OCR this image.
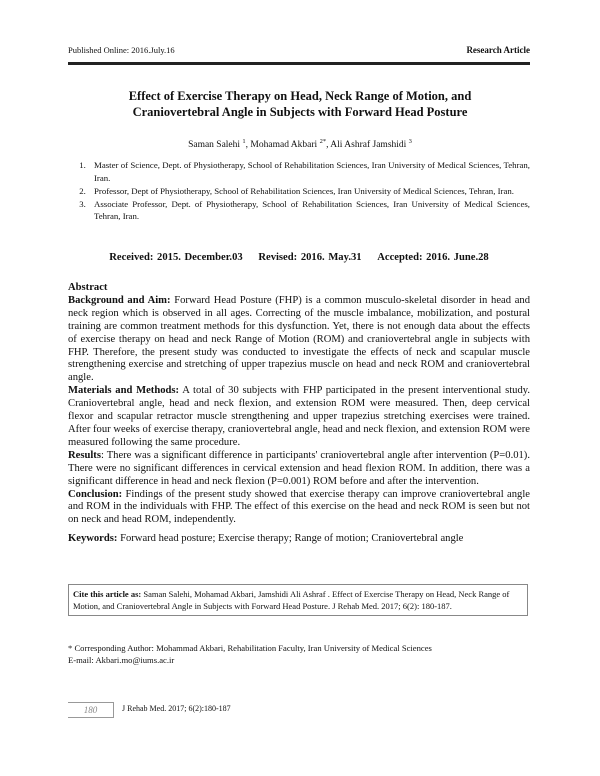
Published Online: 2016.July.16	Research Article
Effect of Exercise Therapy on Head, Neck Range of Motion, and
Craniovertebral Angle in Subjects with Forward Head Posture
Saman Salehi $^1$, Mohamad Akbari $^{2*}$, Ali Ashraf Jamshidi $^3$
1. Master of Science, Dept. of Physiotherapy, School of Rehabilitation Sciences, Iran University of Medical Sciences, Tehran, Iran.
2. Professor, Dept of Physiotherapy, School of Rehabilitation Sciences, Iran University of Medical Sciences, Tehran, Iran.
3. Associate Professor, Dept. of Physiotherapy, School of Rehabilitation Sciences, Iran University of Medical Sciences, Tehran, Iran.
Received: 2015. December.03 Revised: 2016. May.31 Accepted: 2016. June.28

Abstract

Background and Aim: Forward Head Posture (FHP) is a common musculo-skeletal disorder in head and neck region which is observed in all ages. Correcting of the muscle imbalance, mobilization, and postural training are common treatment methods for this dysfunction. Yet, there is not enough data about the effects of exercise therapy on head and neck Range of Motion (ROM) and craniovertebral angle in subjects with FHP. Therefore, the present study was conducted to investigate the effects of neck and scapular muscle strengthening exercise and stretching of upper trapezius muscle on head and neck ROM and craniovertebral angle.

Materials and Methods: A total of 30 subjects with FHP participated in the present interventional study. Craniovertebral angle, head and neck flexion, and extension ROM were measured. Then, deep cervical flexor and scapular retractor muscle strengthening and upper trapezius stretching exercises were trained. After four weeks of exercise therapy, craniovertebral angle, head and neck flexion, and extension ROM were measured following the same procedure.

Results: There was a significant difference in participants' craniovertebral angle after intervention (P=0.01). There were no significant differences in cervical extension and head flexion ROM. In addition, there was a significant difference in head and neck flexion (P=0.001) ROM before and after the intervention.

Conclusion: Findings of the present study showed that exercise therapy can improve craniovertebral angle and ROM in the individuals with FHP. The effect of this exercise on the head and neck ROM is seen but not on neck and head ROM, independently.

Keywords: Forward head posture; Exercise therapy; Range of motion; Craniovertebral angle

Cite this article as: Saman Salehi, Mohamad Akbari, Jamshidi Ali Ashraf . Effect of Exercise Therapy on Head, Neck Range of Motion, and Craniovertebral Angle in Subjects with Forward Head Posture. J Rehab Med. 2017; 6(2): 180-187.
* Corresponding Author: Mohammad Akbari, Rehabilitation Faculty, Iran University of Medical Sciences
E-mail: Akbari.mo@iums.ac.ir
180	J Rehab Med. 2017; 6(2):180-187
